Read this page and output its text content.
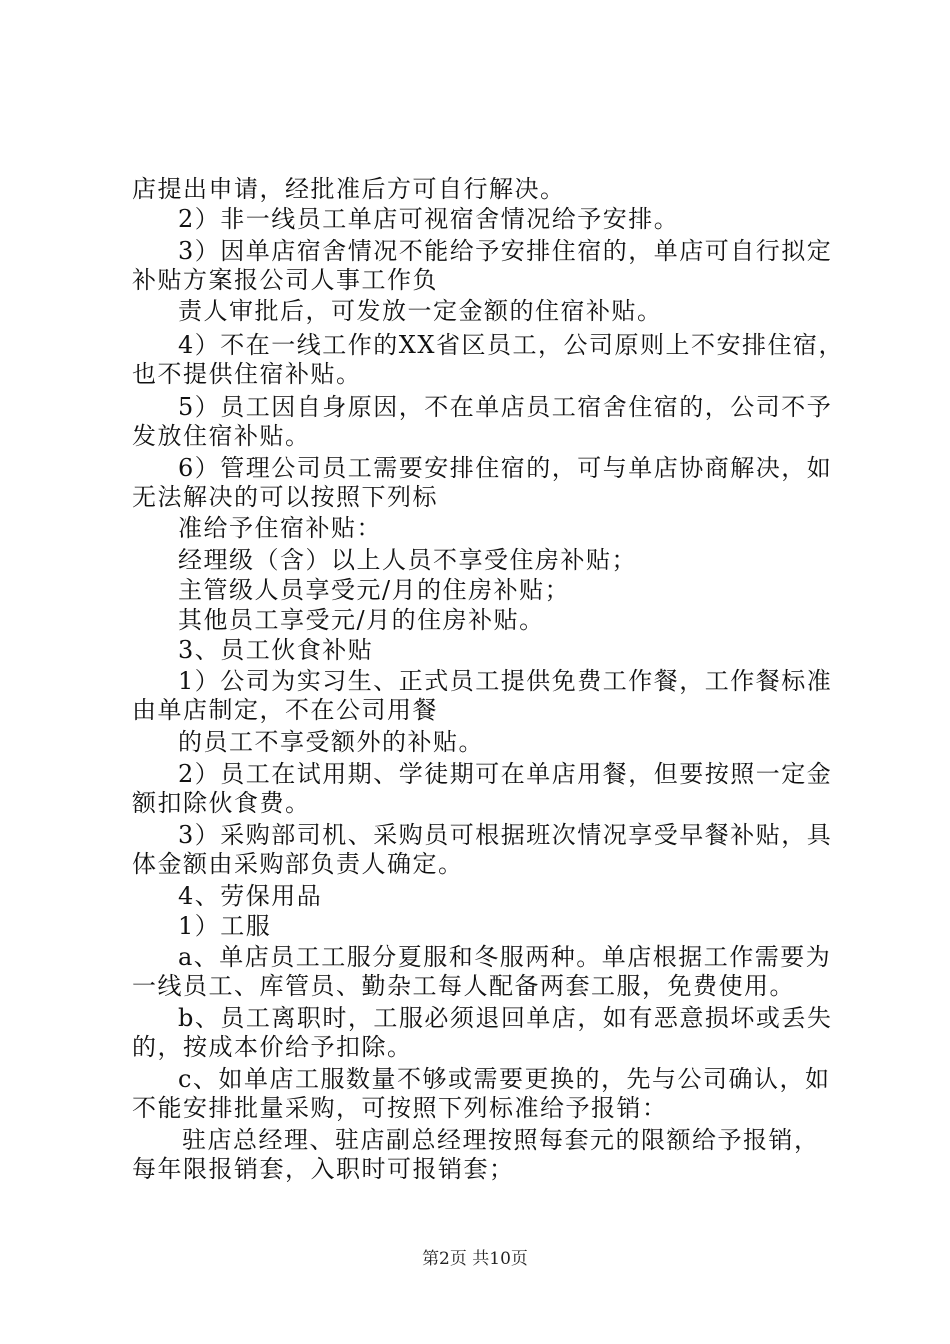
店提出申请，经批准后方可自行解决。
2）非一线员工单店可视宿舍情况给予安排。
3）因单店宿舍情况不能给予安排住宿的，单店可自行拟定
补贴方案报公司人事工作负
责人审批后，可发放一定金额的住宿补贴。
4）不在一线工作的XX省区员工，公司原则上不安排住宿，
也不提供住宿补贴。
5）员工因自身原因，不在单店员工宿舍住宿的，公司不予
发放住宿补贴。
6）管理公司员工需要安排住宿的，可与单店协商解决，如
无法解决的可以按照下列标
准给予住宿补贴：
经理级（含）以上人员不享受住房补贴；
主管级人员享受元/月的住房补贴；
其他员工享受元/月的住房补贴。
3、员工伙食补贴
1）公司为实习生、正式员工提供免费工作餐，工作餐标准
由单店制定，不在公司用餐
的员工不享受额外的补贴。
2）员工在试用期、学徒期可在单店用餐，但要按照一定金
额扣除伙食费。
3）采购部司机、采购员可根据班次情况享受早餐补贴，具
体金额由采购部负责人确定。
4、劳保用品
1）工服
a、单店员工工服分夏服和冬服两种。单店根据工作需要为
一线员工、库管员、勤杂工每人配备两套工服，免费使用。
b、员工离职时，工服必须退回单店，如有恶意损坏或丢失
的，按成本价给予扣除。
c、如单店工服数量不够或需要更换的，先与公司确认，如
不能安排批量采购，可按照下列标准给予报销：
驻店总经理、驻店副总经理按照每套元的限额给予报销，
每年限报销套，入职时可报销套；
第2页 共10页
